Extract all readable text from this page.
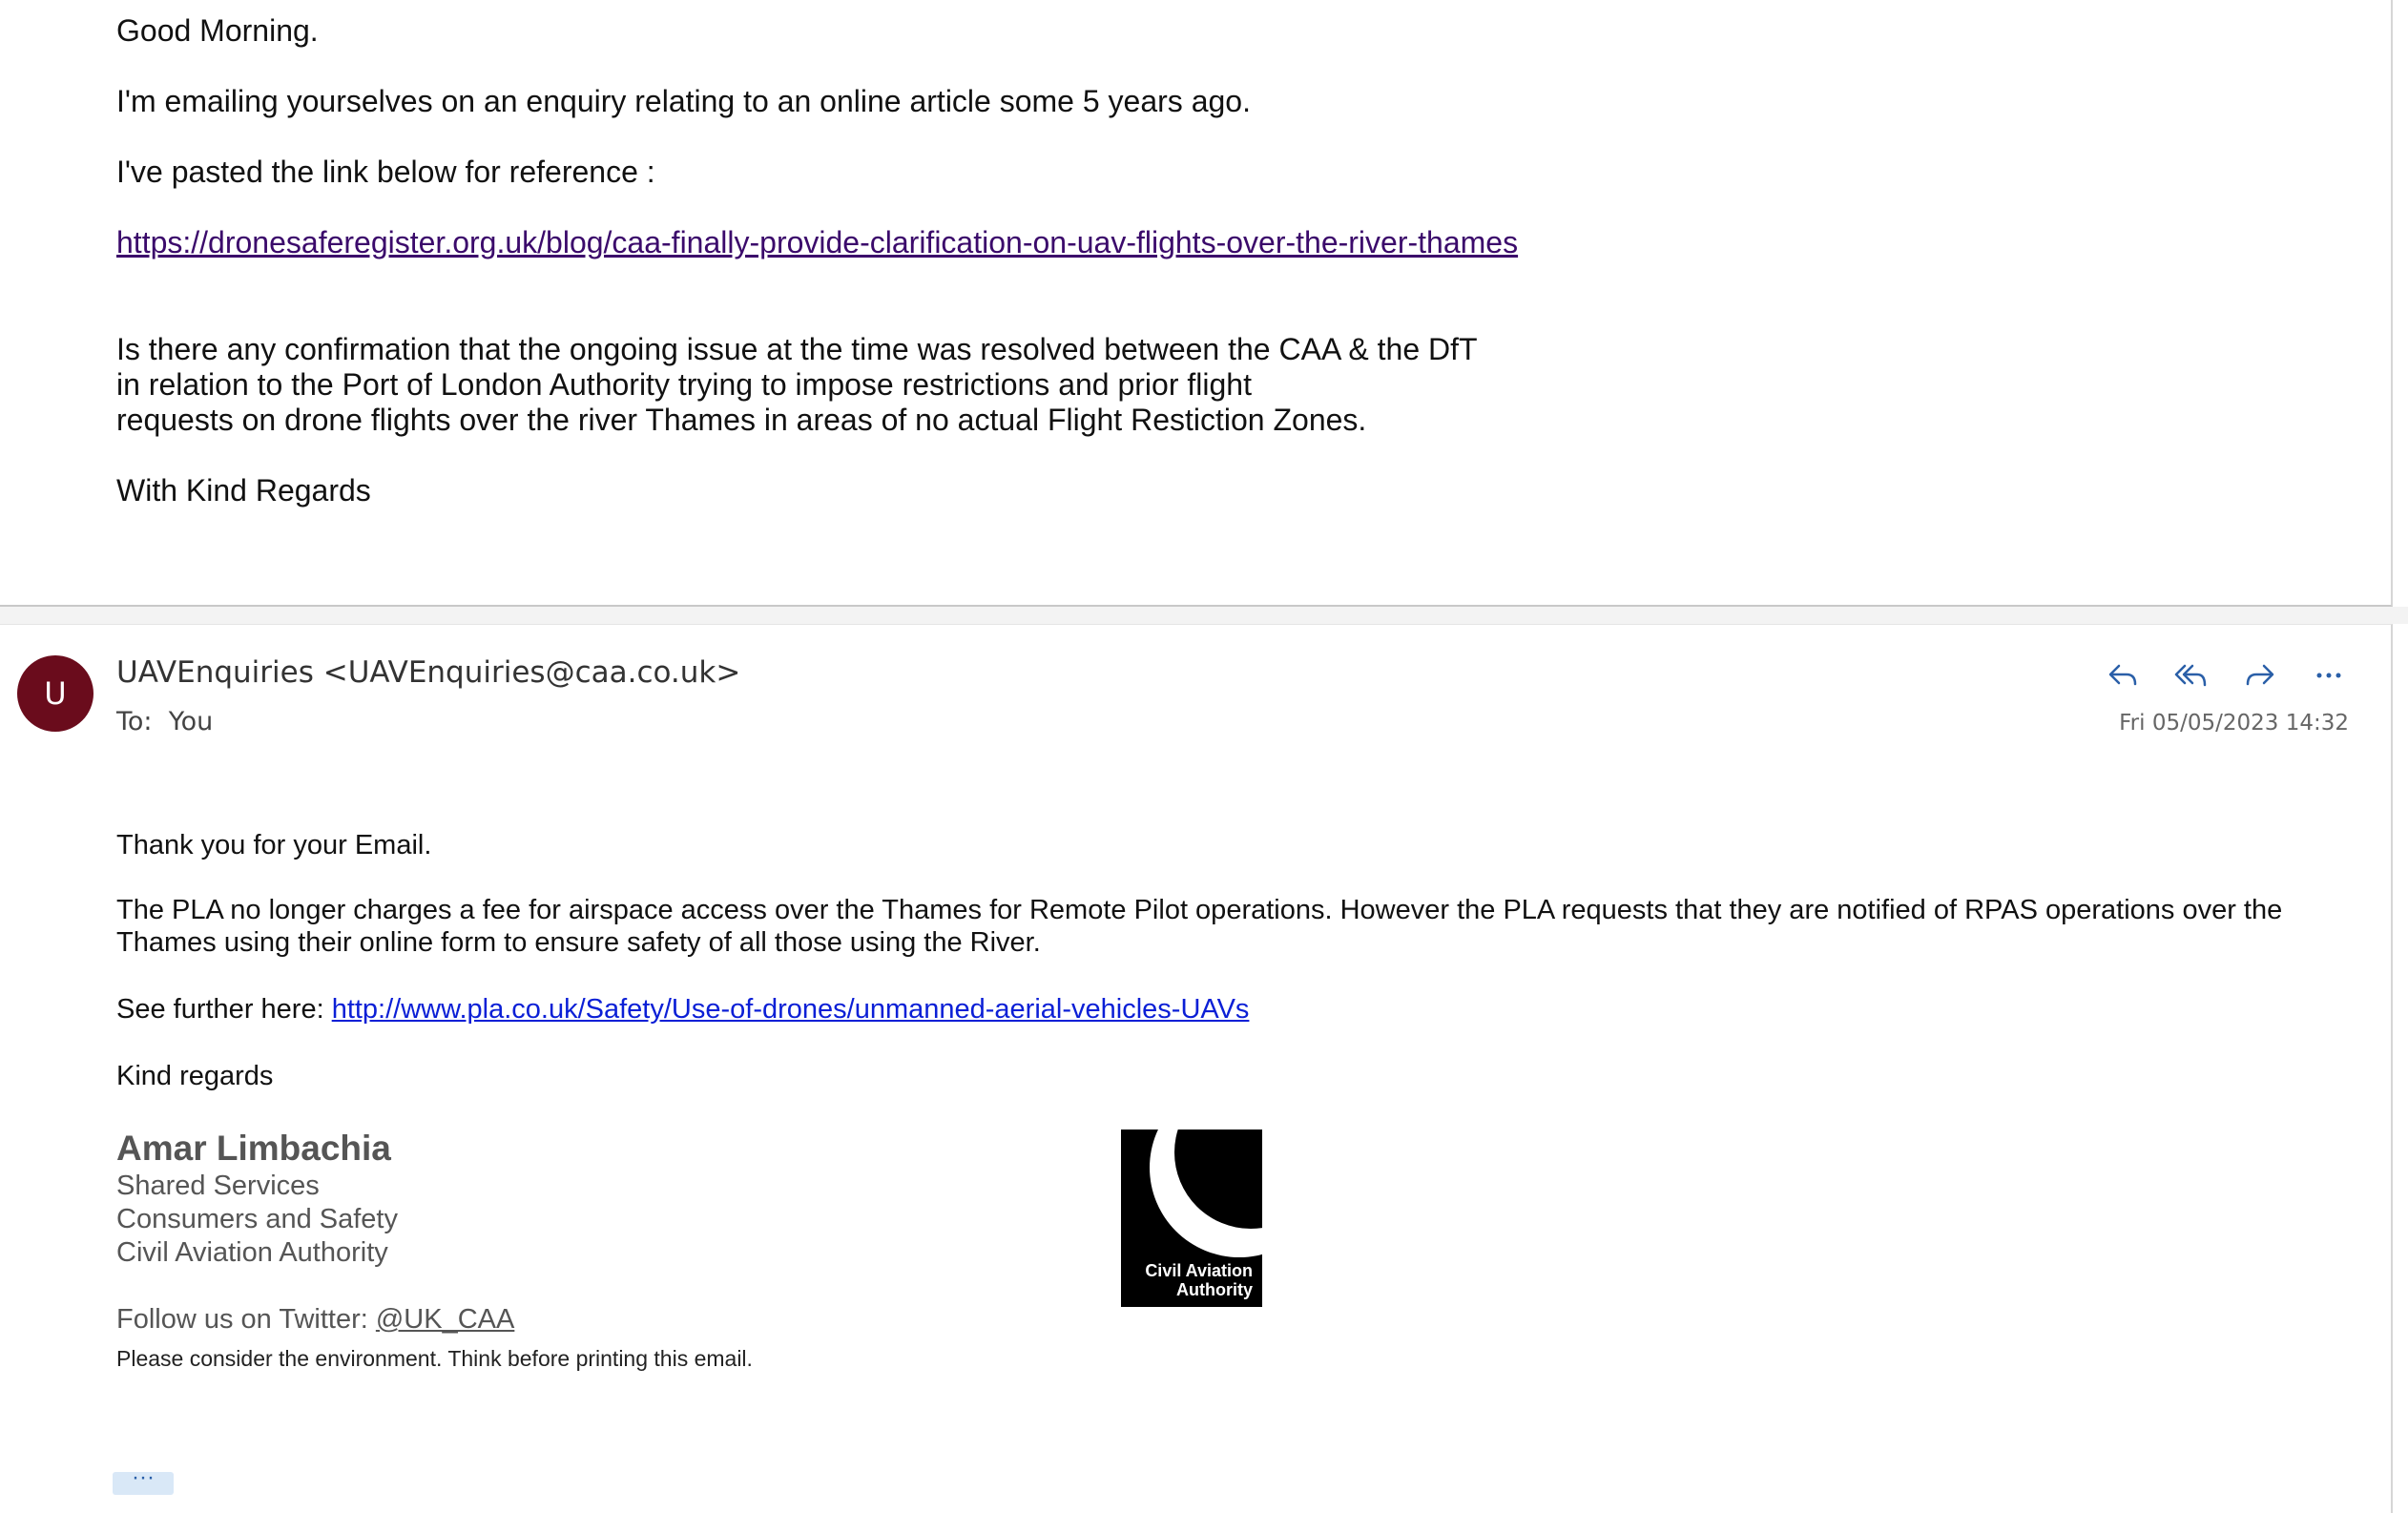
Good Morning.

I'm emailing yourselves on an enquiry relating to an online article some 5 years ago.

I've pasted the link below for reference :

https://dronesaferegister.org.uk/blog/caa-finally-provide-clarification-on-uav-flights-over-the-river-thames

Is there any confirmation that the ongoing issue at the time was resolved between the CAA & the DfT

in relation to the Port of London Authority trying to impose restrictions and prior flight

requests on drone flights over the river Thames in areas of no actual Flight Restiction Zones.

With Kind Regards

U
UAVEnquiries <UAVEnquiries@caa.co.uk>
To: You	Fri 05/05/2023 14:32

Thank you for your Email.

The PLA no longer charges a fee for airspace access over the Thames for Remote Pilot operations. However the PLA requests that they are notified of RPAS operations over the Thames using their online form to ensure safety of all those using the River.

See further here: http://www.pla.co.uk/Safety/Use-of-drones/unmanned-aerial-vehicles-UAVs

Kind regards

Amar Limbachia
Shared Services
Consumers and Safety
Civil Aviation Authority
Follow us on Twitter: @UK_CAA
Please consider the environment. Think before printing this email.
Civil Aviation
Authority
···
